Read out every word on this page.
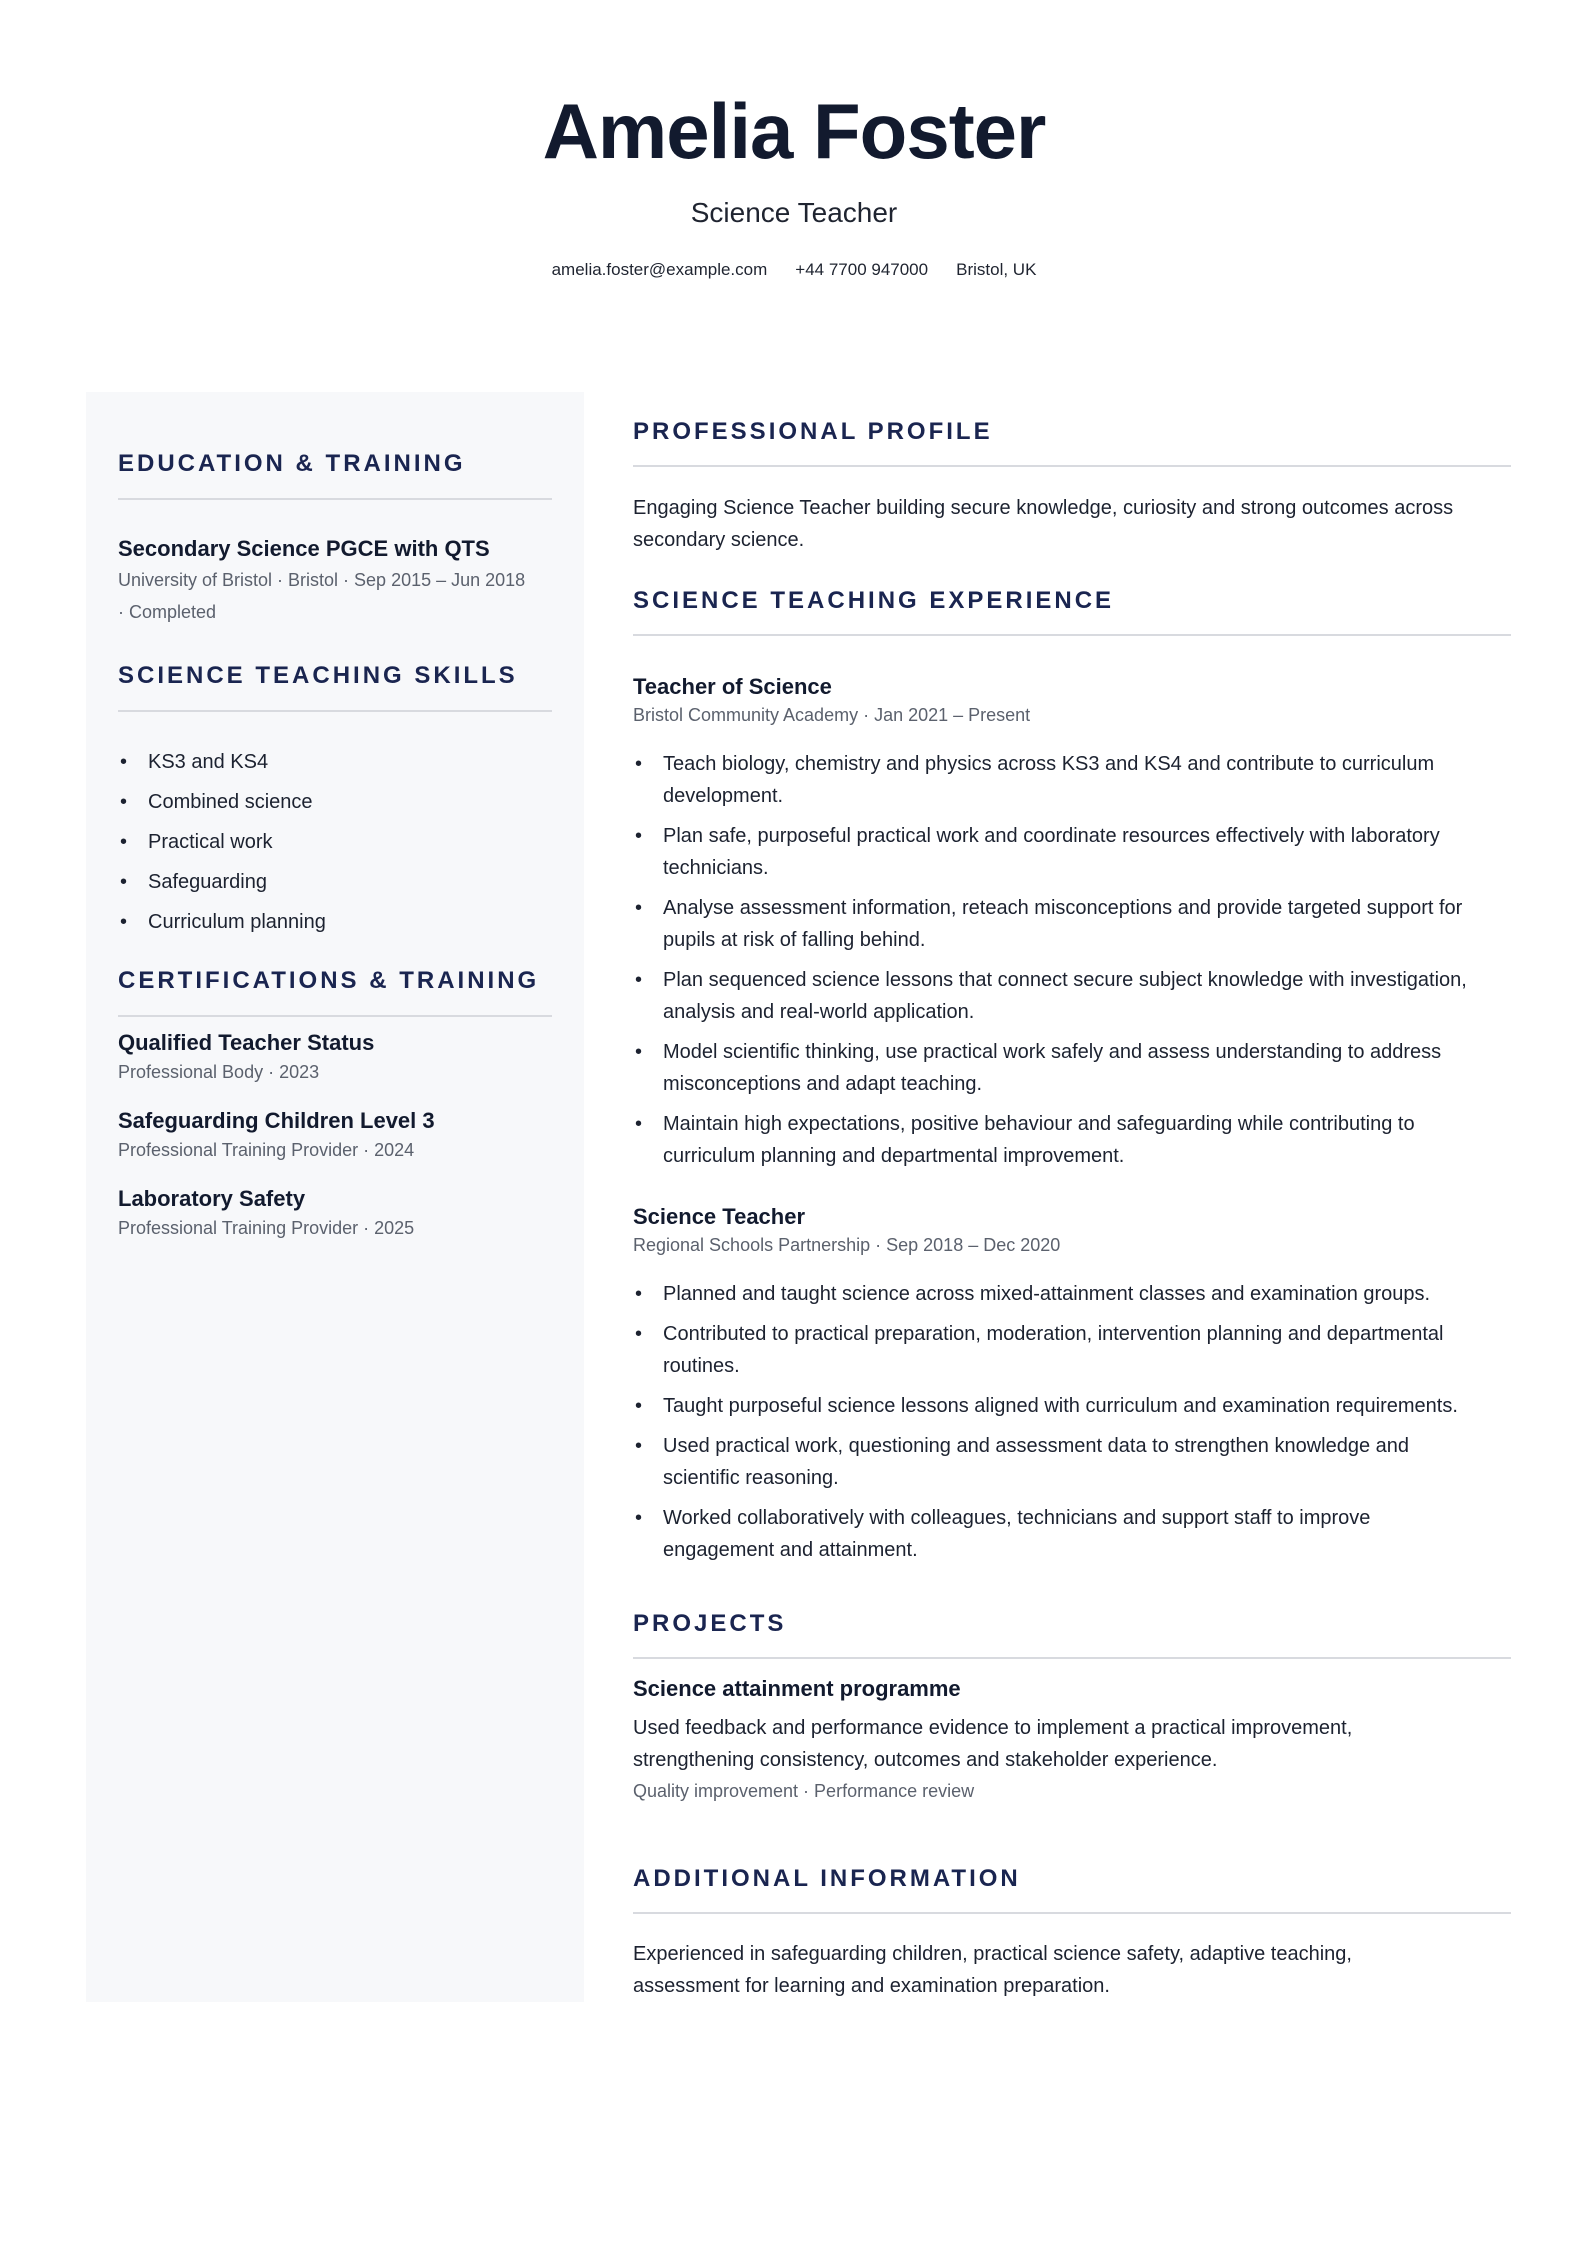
Amelia Foster
Science Teacher
amelia.foster@example.com +44 7700 947000 Bristol, UK
EDUCATION & TRAINING
Secondary Science PGCE with QTS
University of Bristol · Bristol · Sep 2015 – Jun 2018
· Completed
SCIENCE TEACHING SKILLS
• KS3 and KS4
• Combined science
• Practical work
• Safeguarding
• Curriculum planning
CERTIFICATIONS & TRAINING
Qualified Teacher Status
Professional Body · 2023
Safeguarding Children Level 3
Professional Training Provider · 2024
Laboratory Safety
Professional Training Provider · 2025
PROFESSIONAL PROFILE
Engaging Science Teacher building secure knowledge, curiosity and strong outcomes across
secondary science.
SCIENCE TEACHING EXPERIENCE
Teacher of Science
Bristol Community Academy · Jan 2021 – Present
• Teach biology, chemistry and physics across KS3 and KS4 and contribute to curriculum
development.
• Plan safe, purposeful practical work and coordinate resources effectively with laboratory
technicians.
• Analyse assessment information, reteach misconceptions and provide targeted support for
pupils at risk of falling behind.
• Plan sequenced science lessons that connect secure subject knowledge with investigation,
analysis and real-world application.
• Model scientific thinking, use practical work safely and assess understanding to address
misconceptions and adapt teaching.
• Maintain high expectations, positive behaviour and safeguarding while contributing to
curriculum planning and departmental improvement.
Science Teacher
Regional Schools Partnership · Sep 2018 – Dec 2020
• Planned and taught science across mixed-attainment classes and examination groups.
• Contributed to practical preparation, moderation, intervention planning and departmental
routines.
• Taught purposeful science lessons aligned with curriculum and examination requirements.
• Used practical work, questioning and assessment data to strengthen knowledge and
scientific reasoning.
• Worked collaboratively with colleagues, technicians and support staff to improve
engagement and attainment.
PROJECTS
Science attainment programme
Used feedback and performance evidence to implement a practical improvement,
strengthening consistency, outcomes and stakeholder experience.
Quality improvement · Performance review
ADDITIONAL INFORMATION
Experienced in safeguarding children, practical science safety, adaptive teaching,
assessment for learning and examination preparation.
